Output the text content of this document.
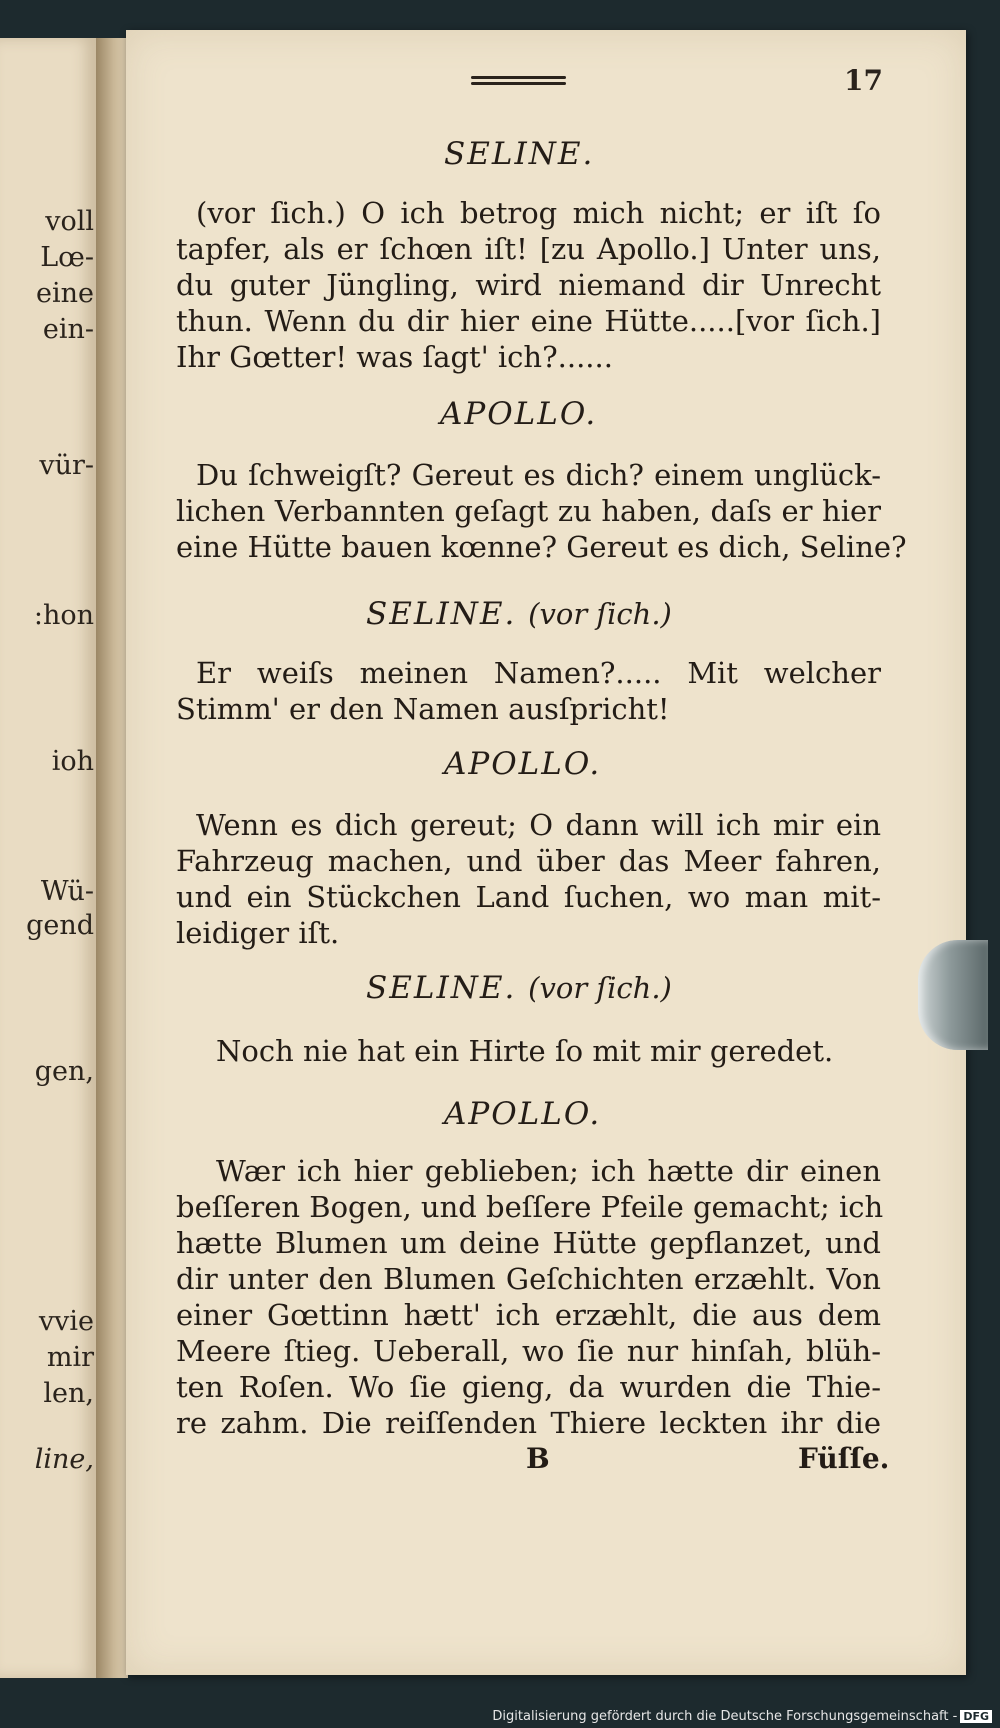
voll
Lœ-
eine
ein-
vür-
:hon
ioh
Wü-
gend
gen,
vvie
mir
len,
line,
17
SELINE.
(vor ſich.) O ich betrog mich nicht; er iſt ſo
tapfer, als er ſchœn iſt! [zu Apollo.] Unter uns,
du guter Jüngling, wird niemand dir Unrecht
thun. Wenn du dir hier eine Hütte.....[vor ſich.]
Ihr Gœtter! was ſagt' ich?......
APOLLO.
Du ſchweigſt? Gereut es dich? einem unglück-
lichen Verbannten geſagt zu haben, daſs er hier
eine Hütte bauen kœnne? Gereut es dich, Seline?
SELINE. (vor ſich.)
Er weiſs meinen Namen?..... Mit welcher
Stimm' er den Namen ausſpricht!
APOLLO.
Wenn es dich gereut; O dann will ich mir ein
Fahrzeug machen, und über das Meer fahren,
und ein Stückchen Land ſuchen, wo man mit-
leidiger iſt.
SELINE. (vor ſich.)
Noch nie hat ein Hirte ſo mit mir geredet.
APOLLO.
Wær ich hier geblieben; ich hætte dir einen
beſſeren Bogen, und beſſere Pfeile gemacht; ich
hætte Blumen um deine Hütte gepflanzet, und
dir unter den Blumen Geſchichten erzæhlt. Von
einer Gœttinn hætt' ich erzæhlt, die aus dem
Meere ſtieg. Ueberall, wo ſie nur hinſah, blüh-
ten Roſen. Wo ſie gieng, da wurden die Thie-
re zahm. Die reiſſenden Thiere leckten ihr die
B	Füſſe.
Digitalisierung gefördert durch die Deutsche Forschungsgemeinschaft - DFG
